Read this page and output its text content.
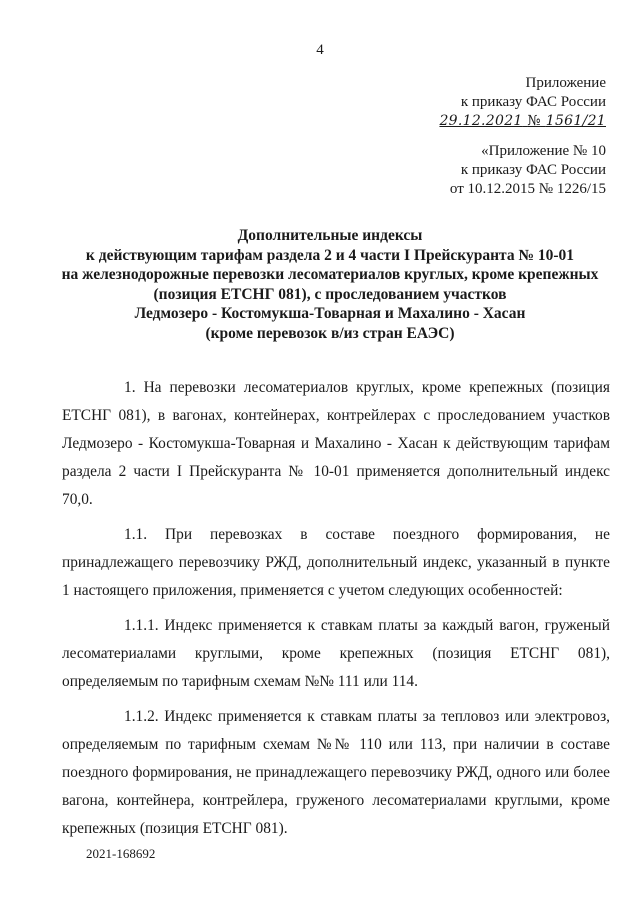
4
Приложение
к приказу ФАС России
29.12.2021 № 1561/21
«Приложение № 10
к приказу ФАС России
от 10.12.2015 № 1226/15
Дополнительные индексы
к действующим тарифам раздела 2 и 4 части I Прейскуранта № 10-01
на железнодорожные перевозки лесоматериалов круглых, кроме крепежных
(позиция ЕТСНГ 081), с проследованием участков
Ледмозеро - Костомукша-Товарная и Махалино - Хасан
(кроме перевозок в/из стран ЕАЭС)

1. На перевозки лесоматериалов круглых, кроме крепежных (позиция ЕТСНГ 081), в вагонах, контейнерах, контрейлерах с проследованием участков Ледмозеро - Костомукша-Товарная и Махалино - Хасан к действующим тарифам раздела 2 части I Прейскуранта № 10-01 применяется дополнительный индекс 70,0.

1.1. При перевозках в составе поездного формирования, не принадлежащего перевозчику РЖД, дополнительный индекс, указанный в пункте 1 настоящего приложения, применяется с учетом следующих особенностей:

1.1.1. Индекс применяется к ставкам платы за каждый вагон, груженый лесоматериалами круглыми, кроме крепежных (позиция ЕТСНГ 081), определяемым по тарифным схемам №№ 111 или 114.

1.1.2. Индекс применяется к ставкам платы за тепловоз или электровоз, определяемым по тарифным схемам №№ 110 или 113, при наличии в составе поездного формирования, не принадлежащего перевозчику РЖД, одного или более вагона, контейнера, контрейлера, груженого лесоматериалами круглыми, кроме крепежных (позиция ЕТСНГ 081).

2021-168692
